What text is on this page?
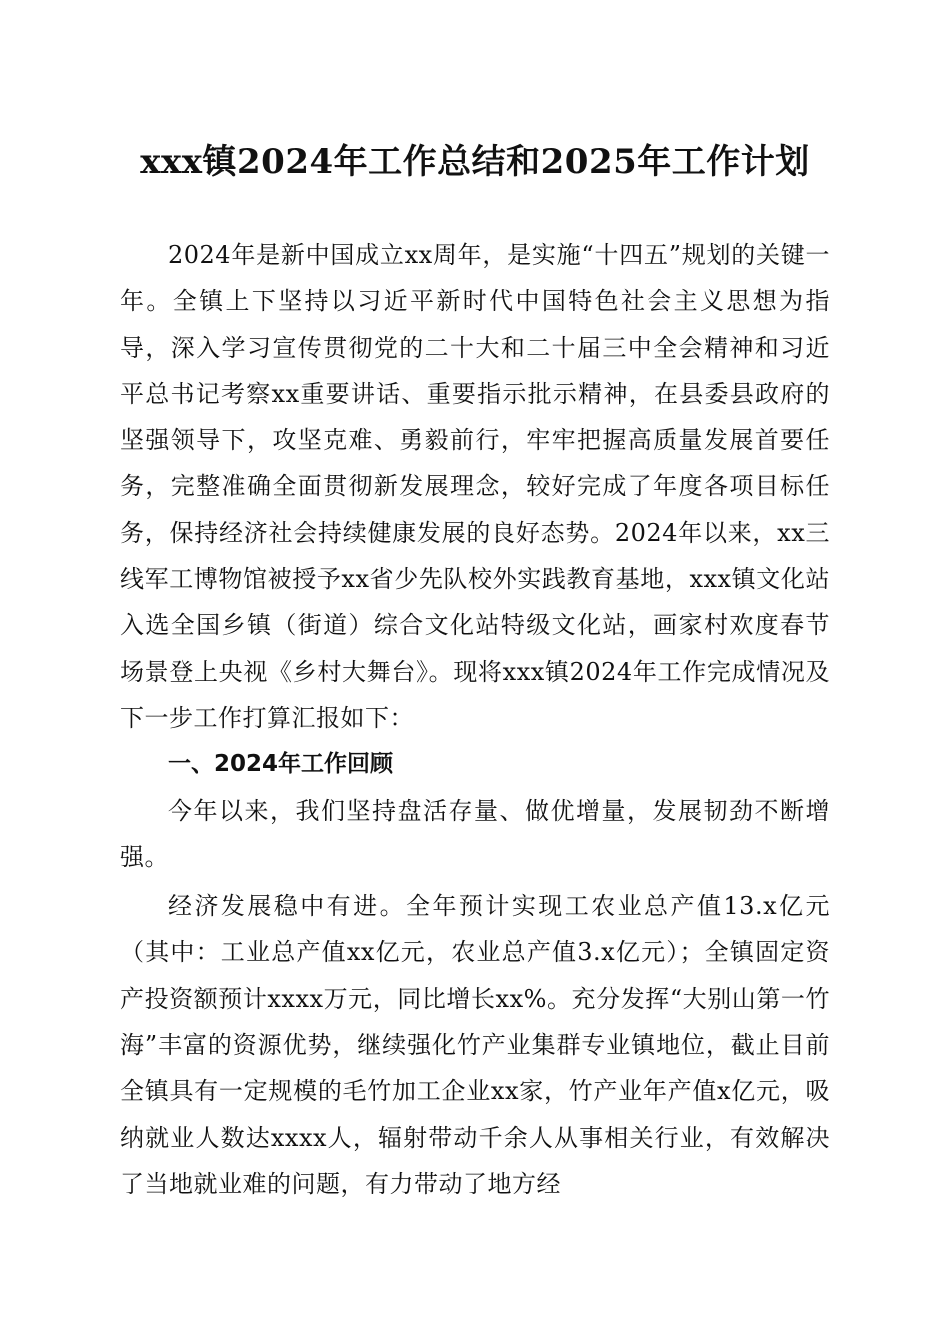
xxx镇2024年工作总结和2025年工作计划

2024年是新中国成立xx周年，是实施“十四五”规划的关键一年。全镇上下坚持以习近平新时代中国特色社会主义思想为指导，深入学习宣传贯彻党的二十大和二十届三中全会精神和习近平总书记考察xx重要讲话、重要指示批示精神，在县委县政府的坚强领导下，攻坚克难、勇毅前行，牢牢把握高质量发展首要任务，完整准确全面贯彻新发展理念，较好完成了年度各项目标任务，保持经济社会持续健康发展的良好态势。2024年以来，xx三线军工博物馆被授予xx省少先队校外实践教育基地，xxx镇文化站入选全国乡镇（街道）综合文化站特级文化站，画家村欢度春节场景登上央视《乡村大舞台》。现将xxx镇2024年工作完成情况及下一步工作打算汇报如下：

一、2024年工作回顾

今年以来，我们坚持盘活存量、做优增量，发展韧劲不断增强。

经济发展稳中有进。全年预计实现工农业总产值13.x亿元（其中：工业总产值xx亿元，农业总产值3.x亿元）；全镇固定资产投资额预计xxxx万元，同比增长xx%。充分发挥“大别山第一竹海”丰富的资源优势，继续强化竹产业集群专业镇地位，截止目前全镇具有一定规模的毛竹加工企业xx家，竹产业年产值x亿元，吸纳就业人数达xxxx人，辐射带动千余人从事相关行业，有效解决了当地就业难的问题，有力带动了地方经
